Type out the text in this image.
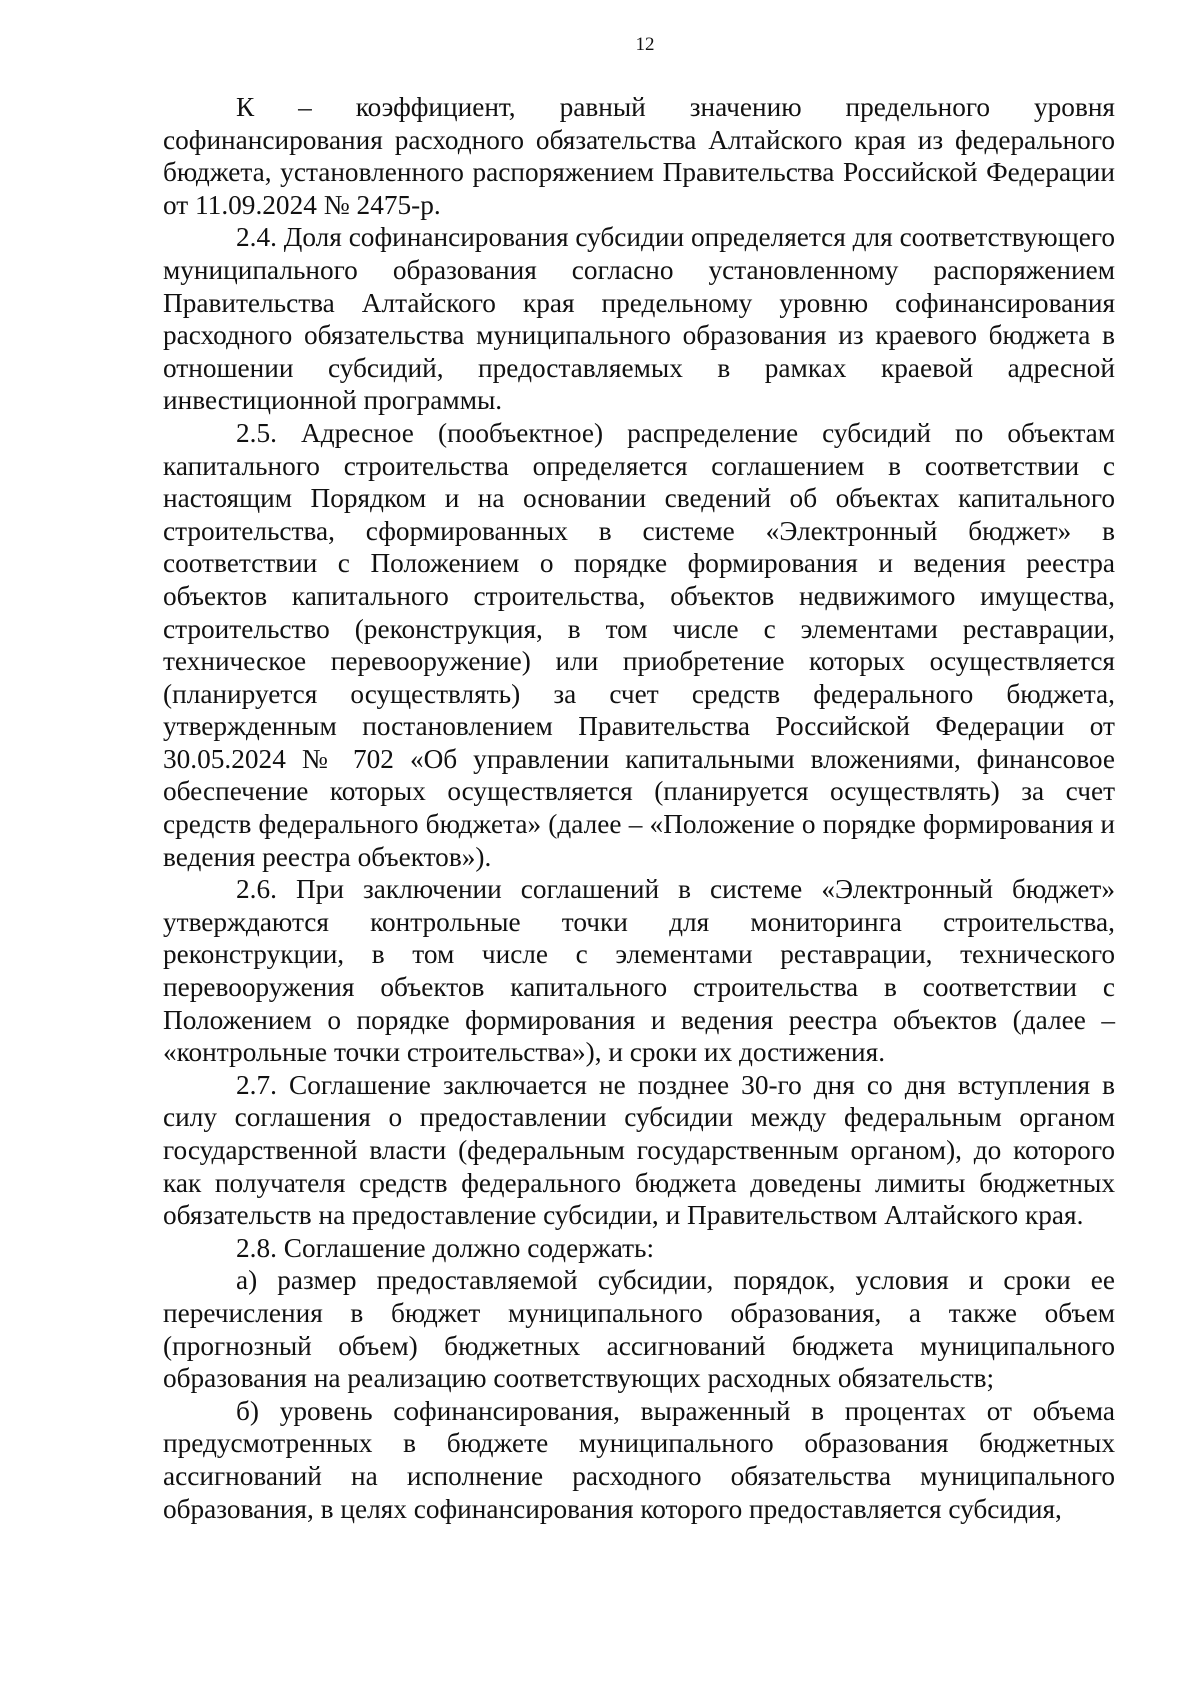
12

К – коэффициент, равный значению предельного уровня софинансирования расходного обязательства Алтайского края из федерального бюджета, установленного распоряжением Правительства Российской Федерации от 11.09.2024 № 2475-р.

2.4. Доля софинансирования субсидии определяется для соответствующего муниципального образования согласно установленному распоряжением Правительства Алтайского края предельному уровню софинансирования расходного обязательства муниципального образования из краевого бюджета в отношении субсидий, предоставляемых в рамках краевой адресной инвестиционной программы.

2.5. Адресное (пообъектное) распределение субсидий по объектам капитального строительства определяется соглашением в соответствии с настоящим Порядком и на основании сведений об объектах капитального строительства, сформированных в системе «Электронный бюджет» в соответствии с Положением о порядке формирования и ведения реестра объектов капитального строительства, объектов недвижимого имущества, строительство (реконструкция, в том числе с элементами реставрации, техническое перевооружение) или приобретение которых осуществляется (планируется осуществлять) за счет средств федерального бюджета, утвержденным постановлением Правительства Российской Федерации от 30.05.2024 № 702 «Об управлении капитальными вложениями, финансовое обеспечение которых осуществляется (планируется осуществлять) за счет средств федерального бюджета» (далее – «Положение о порядке формирования и ведения реестра объектов»).

2.6. При заключении соглашений в системе «Электронный бюджет» утверждаются контрольные точки для мониторинга строительства, реконструкции, в том числе с элементами реставрации, технического перевооружения объектов капитального строительства в соответствии с Положением о порядке формирования и ведения реестра объектов (далее – «контрольные точки строительства»), и сроки их достижения.

2.7. Соглашение заключается не позднее 30-го дня со дня вступления в силу соглашения о предоставлении субсидии между федеральным органом государственной власти (федеральным государственным органом), до которого как получателя средств федерального бюджета доведены лимиты бюджетных обязательств на предоставление субсидии, и Правительством Алтайского края.

2.8. Соглашение должно содержать:

а) размер предоставляемой субсидии, порядок, условия и сроки ее перечисления в бюджет муниципального образования, а также объем (прогнозный объем) бюджетных ассигнований бюджета муниципального образования на реализацию соответствующих расходных обязательств;

б) уровень софинансирования, выраженный в процентах от объема предусмотренных в бюджете муниципального образования бюджетных ассигнований на исполнение расходного обязательства муниципального образования, в целях софинансирования которого предоставляется субсидия,
